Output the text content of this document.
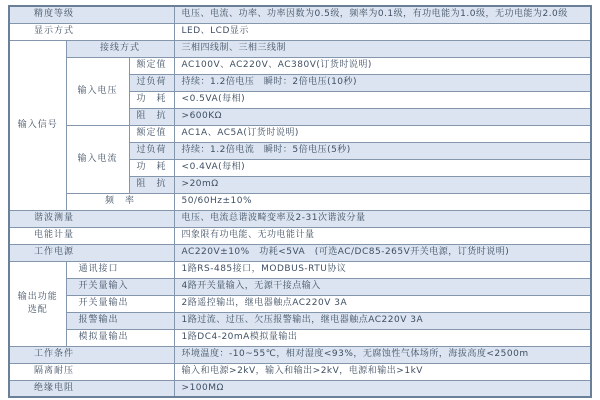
精度等级			电压、电流、功率、功率因数为0.5级，频率为0.1级，有功电能为1.0级，无功电能为2.0级
显示方式			LED、LCD显示
输入信号	接线方式		三相四线制、三相三线制
	输入电压	额定值	AC100V、AC220V、AC380V(订货时说明)
		过负荷	持续：1.2倍电压　瞬时：2倍电压(10秒)
		功　耗	<0.5VA(每相)
		阻　抗	>600KΩ
	输入电流	额定值	AC1A、AC5A(订货时说明)
		过负荷	持续：1.2倍电流　瞬时：5倍电压(5秒)
		功　耗	<0.4VA(每相)
		阻　抗	>20mΩ
	频　率		50/60Hz±10%
谐波测量			电压、电流总谐波畸变率及2-31次谐波分量
电能计量			四象限有功电能、无功电能计量
工作电源			AC220V±10%　功耗<5VA　(可选AC/DC85-265V开关电源，订货时说明)
输出功能选配	通讯接口		1路RS-485接口，MODBUS-RTU协议
	开关量输入		4路开关量输入，无源干接点输入
	开关量输出		2路遥控输出，继电器触点AC220V 3A
	报警输出		1路过流、过压、欠压报警输出，继电器触点AC220V 3A
	模拟量输出		1路DC4-20mA模拟量输出
工作条件			环境温度：-10~55℃，相对湿度<93%，无腐蚀性气体场所，海拔高度<2500m
隔离耐压			输入和电源>2kV，输入和输出>2kV，电源和输出>1kV
绝缘电阻			>100MΩ
